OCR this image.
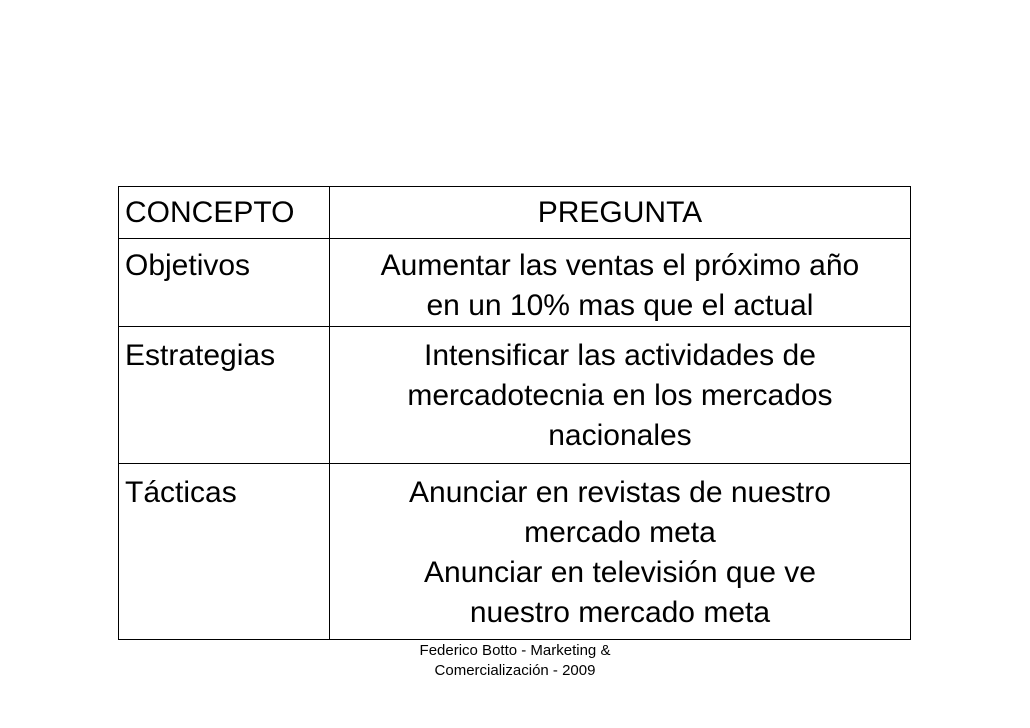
CONCEPTO	PREGUNTA
Objetivos	Aumentar las ventas el próximo año
en un 10% mas que el actual

Estrategias	Intensificar las actividades de
mercadotecnia en los mercados
nacionales

Tácticas	Anunciar en revistas de nuestro
mercado meta
Anunciar en televisión que ve
nuestro mercado meta
Federico Botto - Marketing &
Comercialización - 2009
